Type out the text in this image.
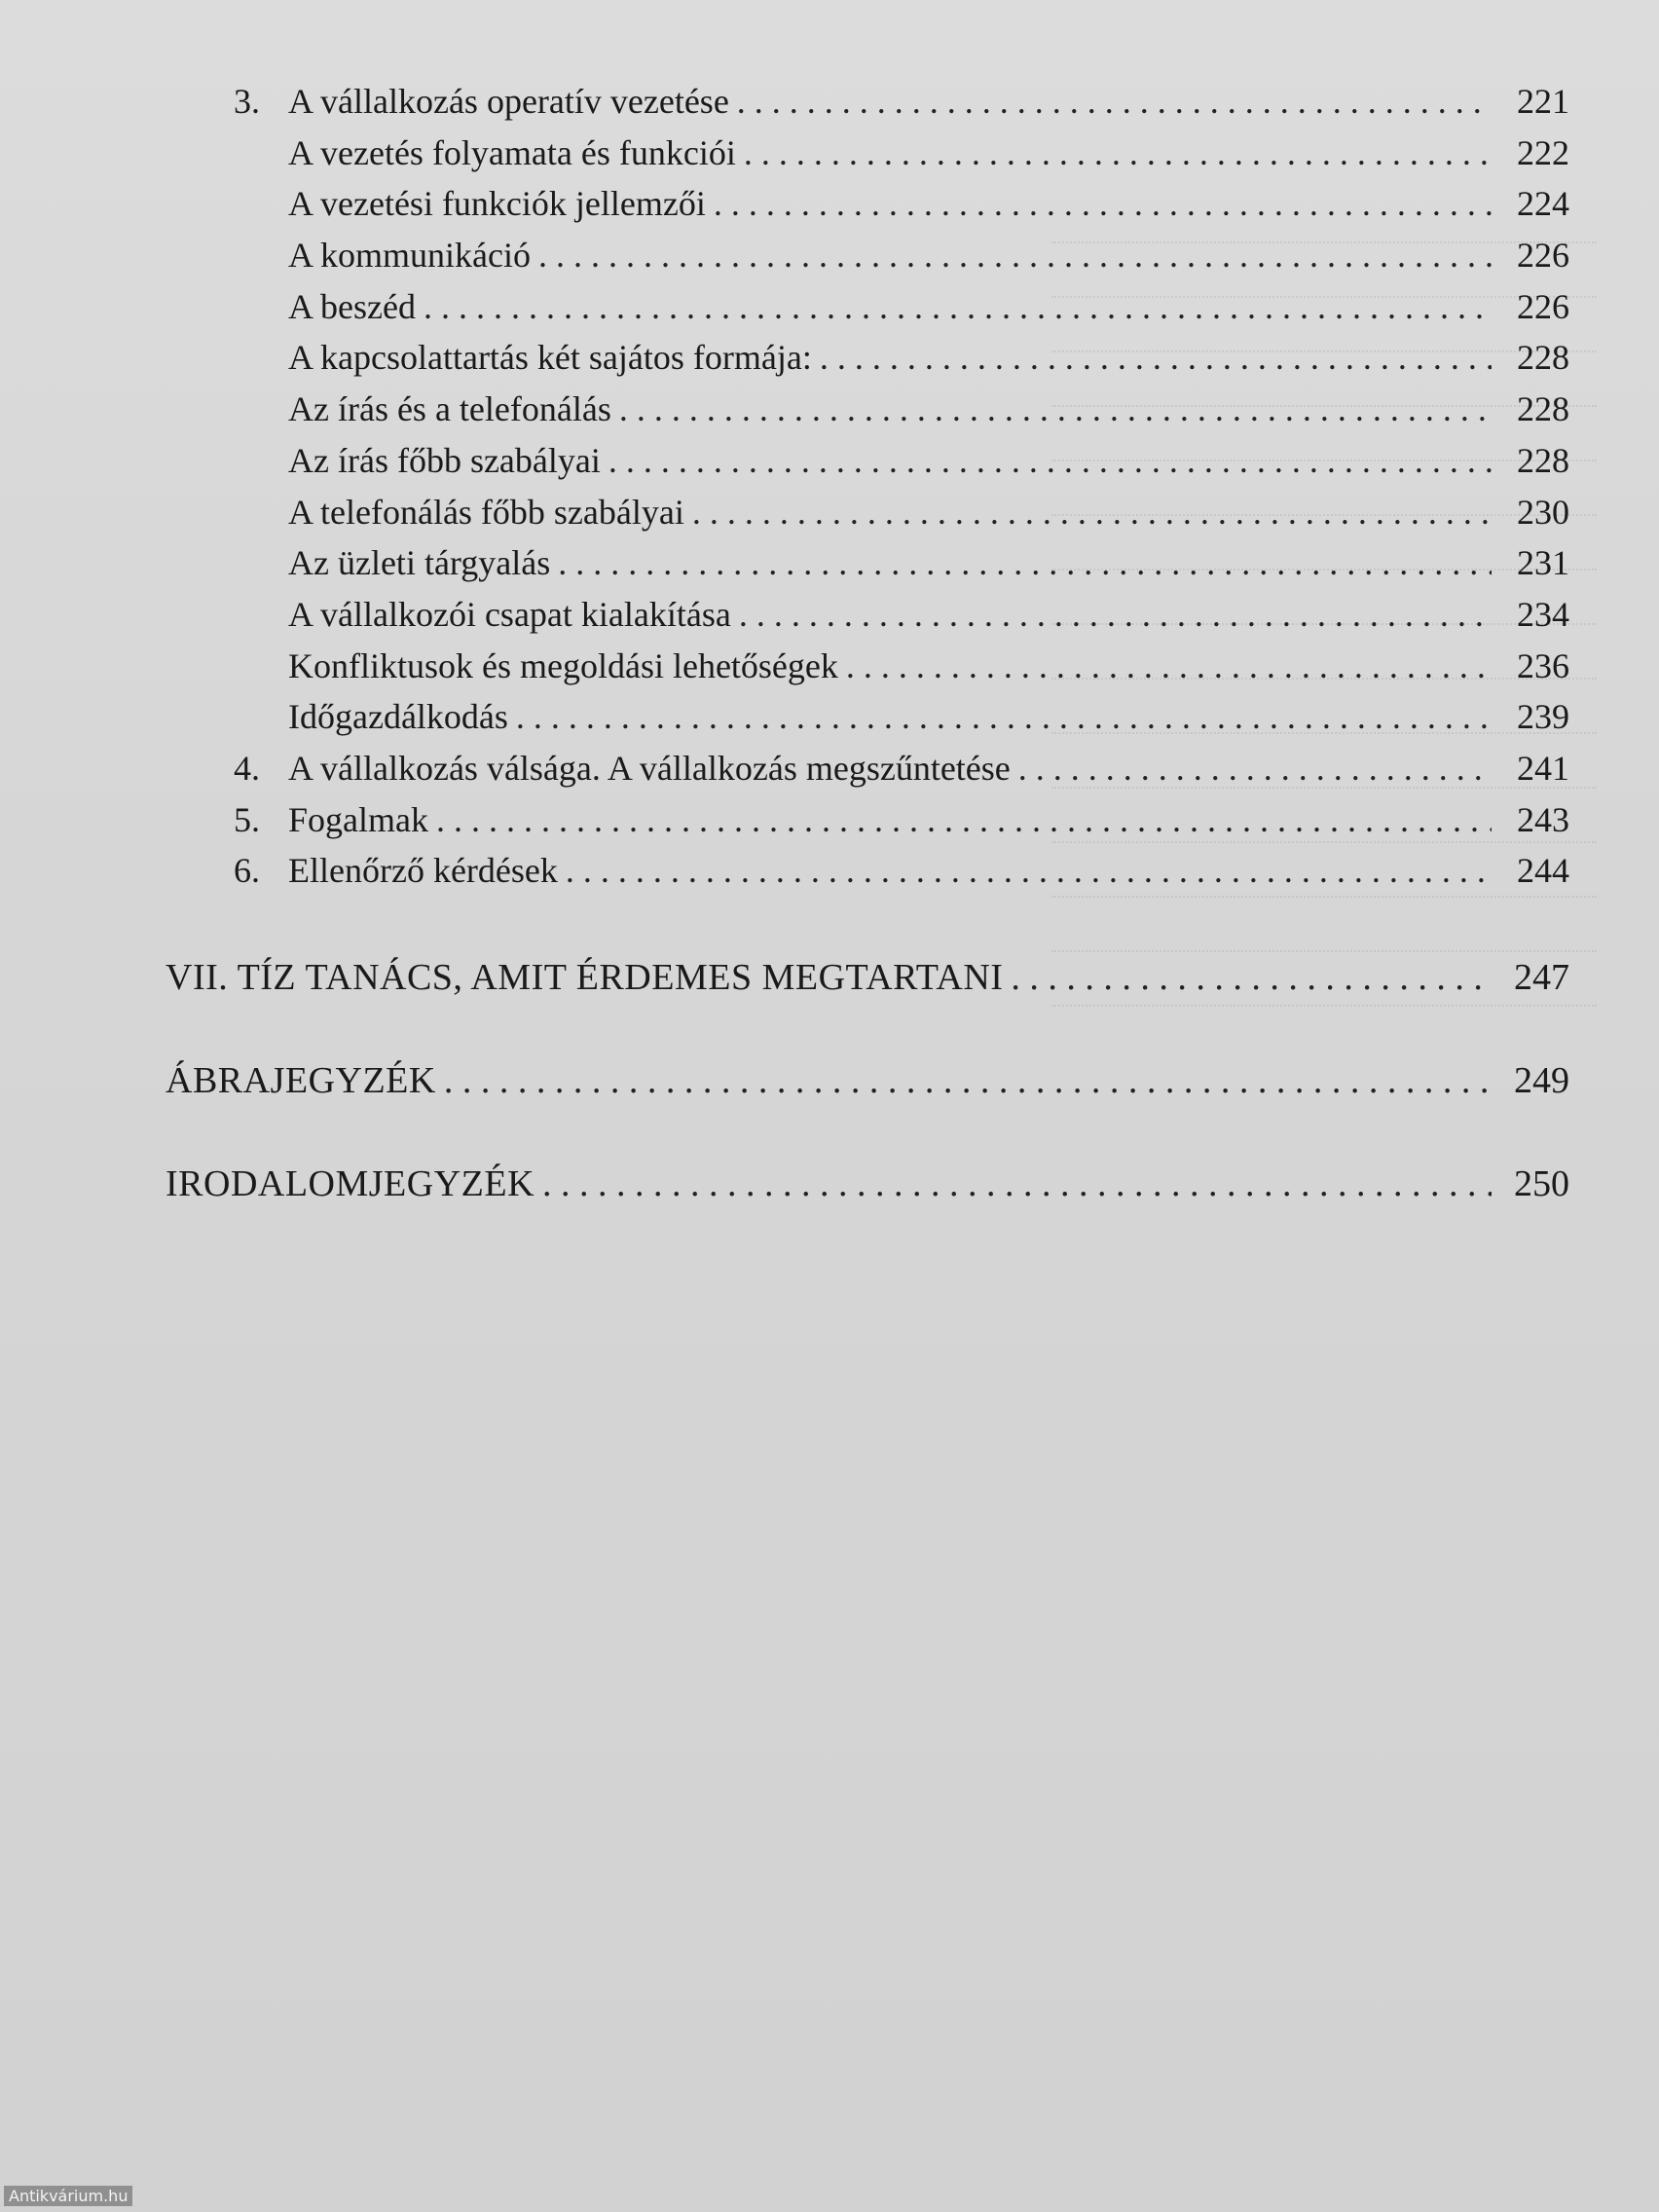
3. A vállalkozás operatív vezetése . . .	221
A vezetés folyamata és funkciói . . .	222
A vezetési funkciók jellemzői . . .	224
A kommunikáció . . .	226
A beszéd . . .	226
A kapcsolattartás két sajátos formája: . . .	228
Az írás és a telefonálás . . .	228
Az írás főbb szabályai . . .	228
A telefonálás főbb szabályai . . .	230
Az üzleti tárgyalás . . .	231
A vállalkozói csapat kialakítása . . .	234
Konfliktusok és megoldási lehetőségek . . .	236
Időgazdálkodás . . .	239
4. A vállalkozás válsága. A vállalkozás megszűntetése . . .	241
5. Fogalmak . . .	243
6. Ellenőrző kérdések . . .	244
VII. TÍZ TANÁCS, AMIT ÉRDEMES MEGTARTANI . . .	247
ÁBRAJEGYZÉK . . .	249
IRODALOMJEGYZÉK . . .	250
Antikvárium.hu
